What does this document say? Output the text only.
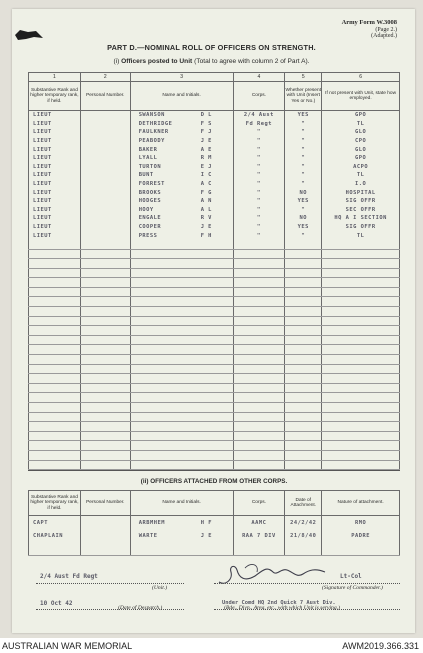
Army Form W.3008
(Page 2.)
(Adapted.)
PART D.—NOMINAL ROLL OF OFFICERS ON STRENGTH.
(i) Officers posted to Unit (Total to agree with column 2 of Part A).
1	2	3	4	5	6
Substantive Rank and higher temporary rank, if held.	Personal Number.	Name and Initials.	Corps.	Whether present with Unit (Insert Yes or No.)	If not present with Unit, state how employed.
LIEUT		SWANSON D L	2/4 Aust	YES	GPO
LIEUT		DETHRIDGE F S	Fd Regt	"	TL
LIEUT		FAULKNER F J	"	"	GLO
LIEUT		PEABODY J E	"	"	CPO
LIEUT		BAKER A E	"	"	GLO
LIEUT		LYALL R M	"	"	GPO
LIEUT		TURTON E J	"	"	ACPO
LIEUT		BUNT I C	"	"	TL
LIEUT		FORREST A C	"	"	I.O
LIEUT		BROOKS F G	"	NO	HOSPITAL
LIEUT		HODGES A N	"	YES	SIG OFFR
LIEUT		HOOY A L	"	"	SEC OFFR
LIEUT		ENGALE R V	"	NO	HQ A I SECTION
LIEUT		COOPER J E	"	YES	SIG OFFR
LIEUT		PRESS F H	"	"	TL

(ii) OFFICERS ATTACHED FROM OTHER CORPS.
Substantive Rank and higher temporary rank, if held.	Personal Number.	Name and Initials.	Corps.	Date of Attachment.	Nature of attachment.
CAPT		ARBMHEM H F	AAMC	24/2/42	RMO
CHAPLAIN		WARTE J E	RAA 7 DIV	21/8/40	PADRE

2/4 Aust Fd Regt
(Unit.)
Lt-Col
(Signature of Commander.)
10 Oct 42
(Date of Despatch.)
Under Comd HQ 2nd Quick 7 Aust Div.
(Bde., Divn., Area, etc., with which Unit is serving.)
AUSTRALIAN WAR MEMORIAL	AWM2019.366.331
